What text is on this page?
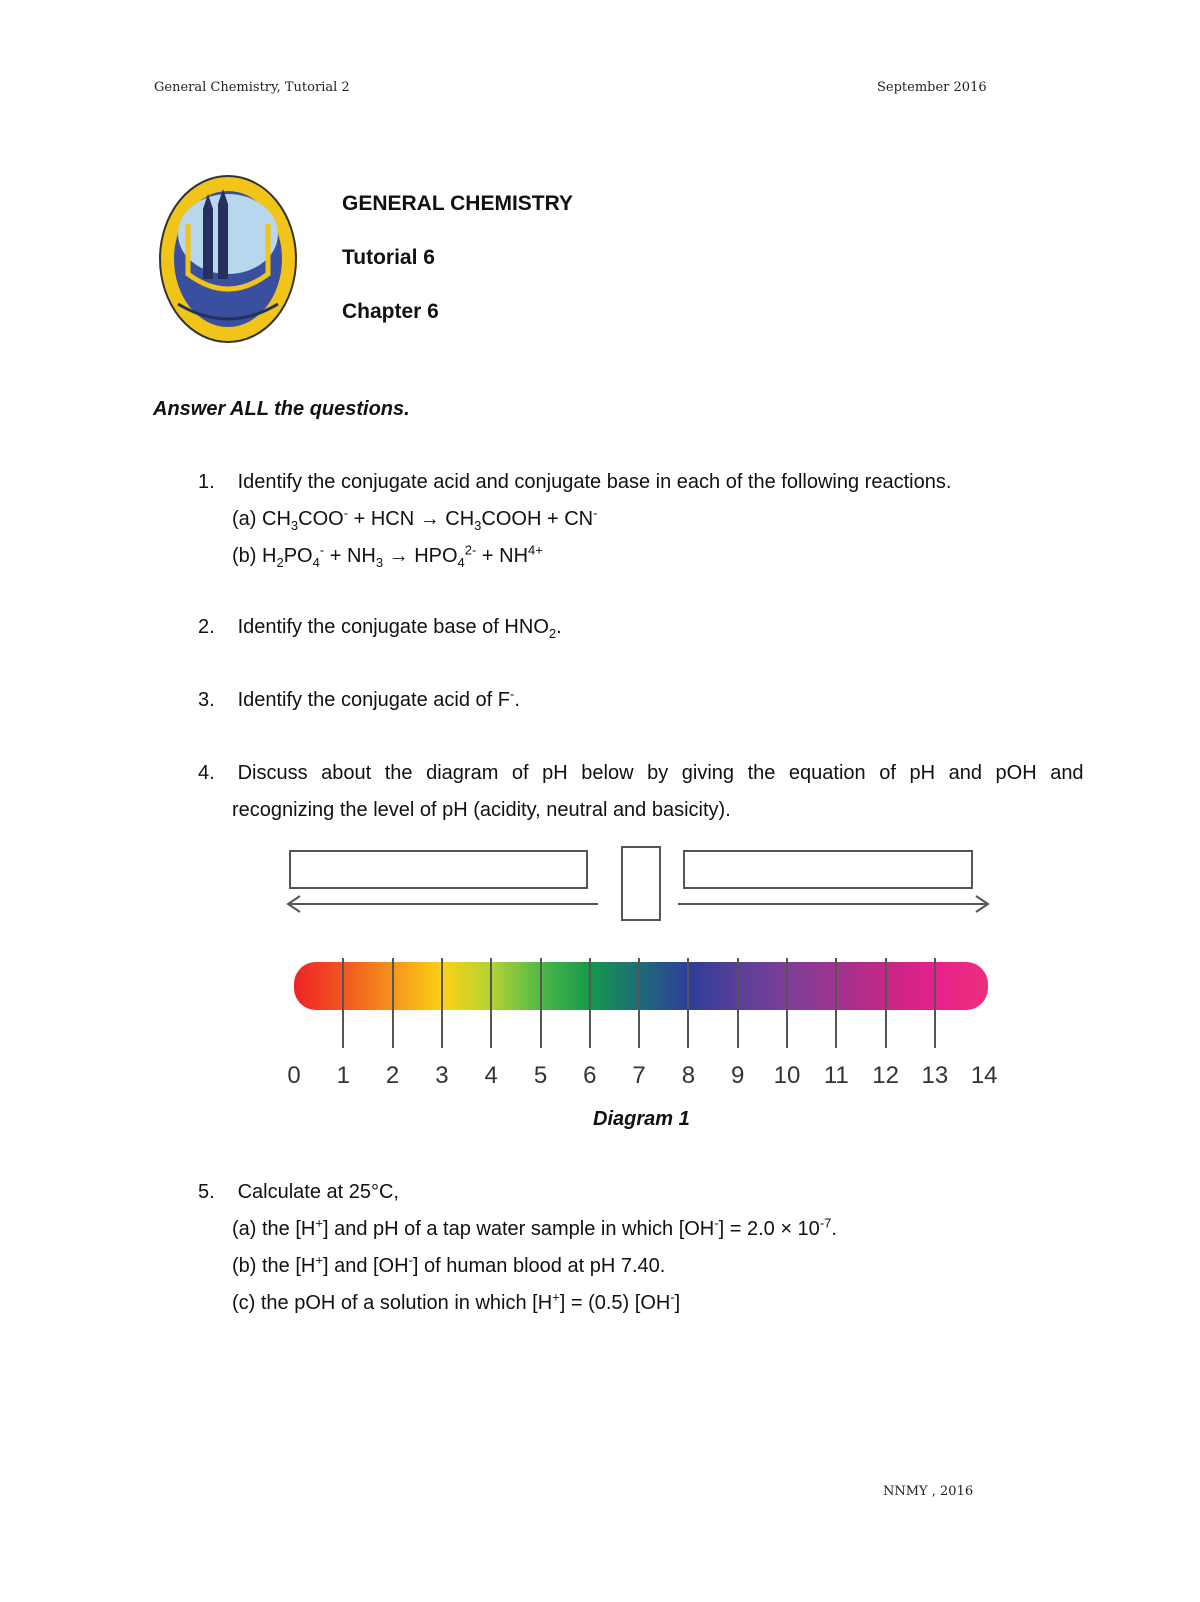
General Chemistry, Tutorial 2	September 2016
GENERAL CHEMISTRY
Tutorial 6
Chapter 6
Answer ALL the questions.
1. Identify the conjugate acid and conjugate base in each of the following reactions.
(a) $CH_3COO^-$ + HCN → $CH_3COOH + CN^-$
(b) $H_2PO_4^- + NH_3 \to HPO_4^{2-} + NH^{4+}$
2. Identify the conjugate base of $HNO_2$.
3. Identify the conjugate acid of F-.
4. Discuss about the diagram of pH below by giving the equation of pH and pOH and
recognizing the level of pH (acidity, neutral and basicity).
0 1 2 3 4 5 6 7 8 9 10 11 12 13 14
Diagram 1
5. Calculate at 25°C,
(a) the [H+] and pH of a tap water sample in which $[OH^-] = 2.0 \times 10^{-7}$.
(b) the [H+] and [OH-] of human blood at pH 7.40.
(c) the pOH of a solution in which [H+] = (0.5) [OH-]
NNMY , 2016
